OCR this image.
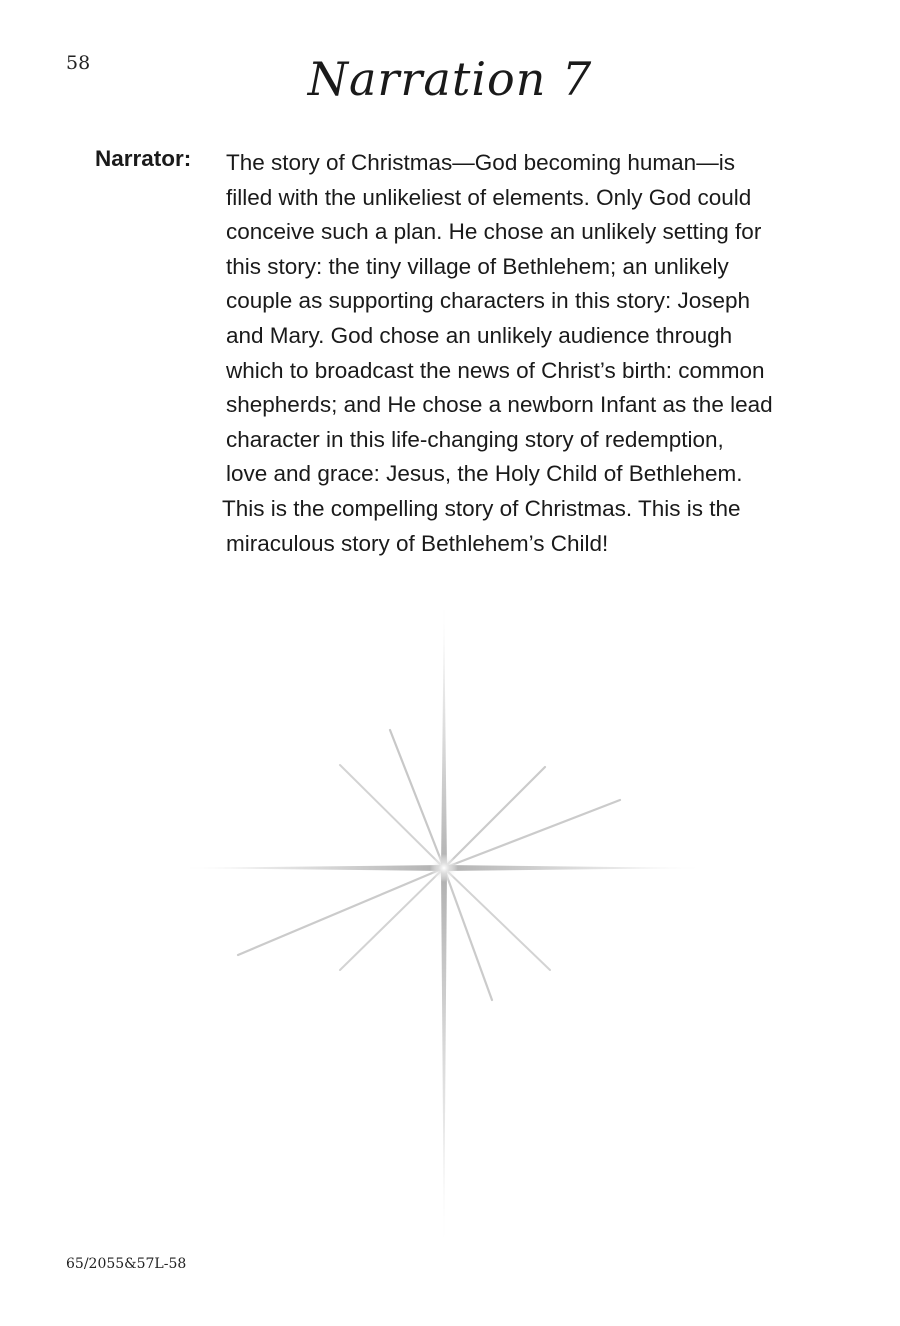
58	Narration 7
Narrator: The story of Christmas—God becoming human—is
filled with the unlikeliest of elements. Only God could
conceive such a plan. He chose an unlikely setting for
this story: the tiny village of Bethlehem; an unlikely
couple as supporting characters in this story: Joseph
and Mary. God chose an unlikely audience through
which to broadcast the news of Christ’s birth: common
shepherds; and He chose a newborn Infant as the lead
character in this life-changing story of redemption,
love and grace: Jesus, the Holy Child of Bethlehem.
This is the compelling story of Christmas. This is the
miraculous story of Bethlehem’s Child!

65/2055&57L-58
